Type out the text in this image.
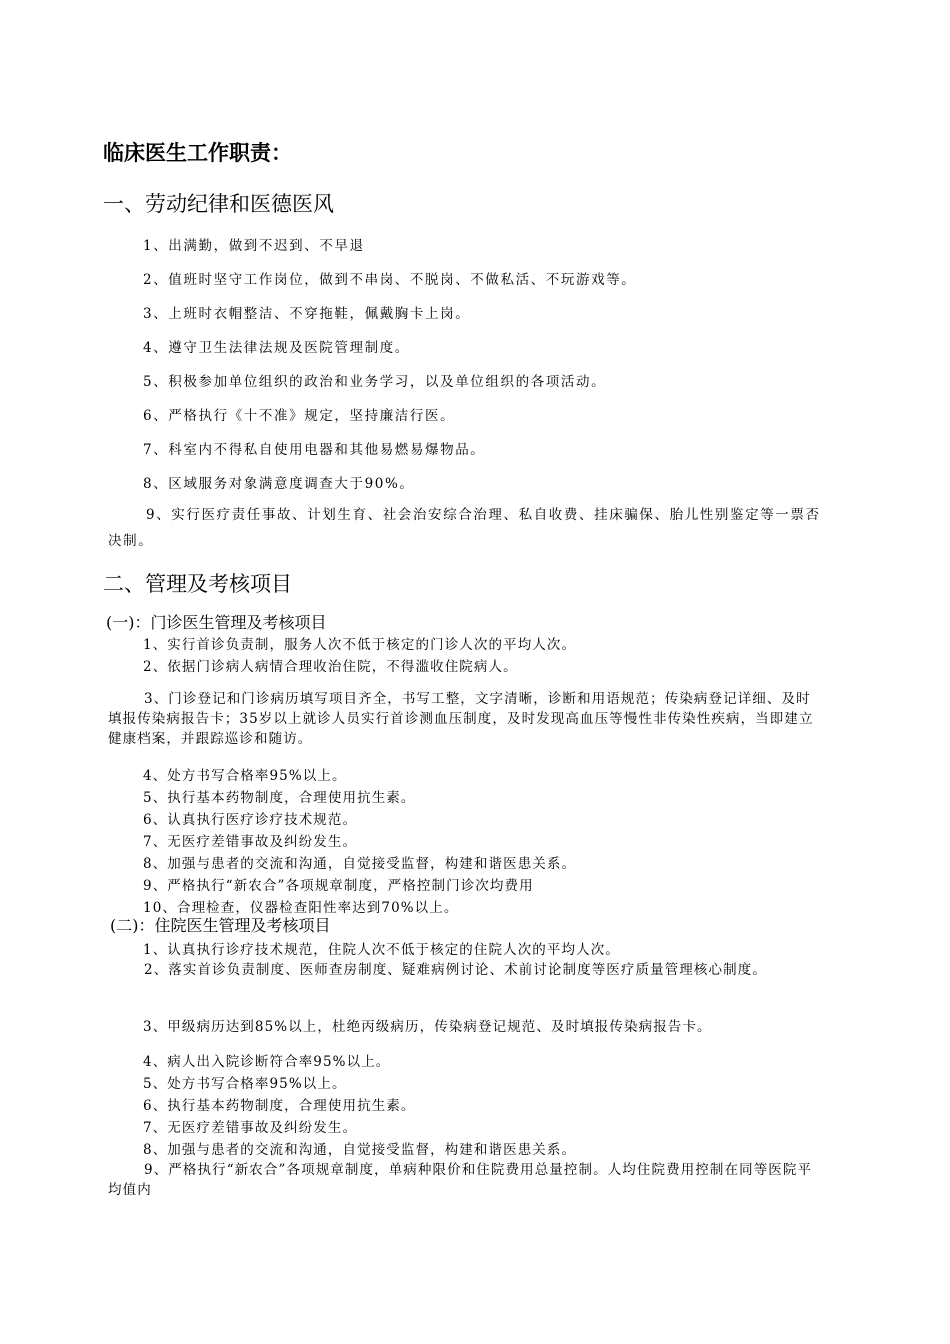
临床医生工作职责：
一、劳动纪律和医德医风
1、出满勤，做到不迟到、不早退
2、值班时坚守工作岗位，做到不串岗、不脱岗、不做私活、不玩游戏等。
3、上班时衣帽整洁、不穿拖鞋，佩戴胸卡上岗。
4、遵守卫生法律法规及医院管理制度。
5、积极参加单位组织的政治和业务学习，以及单位组织的各项活动。
6、严格执行《十不准》规定，坚持廉洁行医。
7、科室内不得私自使用电器和其他易燃易爆物品。
8、区域服务对象满意度调查大于90%。
9、实行医疗责任事故、计划生育、社会治安综合治理、私自收费、挂床骗保、胎儿性别鉴定等一票否决制。
二、管理及考核项目
(一)：门诊医生管理及考核项目
1、实行首诊负责制，服务人次不低于核定的门诊人次的平均人次。
2、依据门诊病人病情合理收治住院，不得滥收住院病人。
3、门诊登记和门诊病历填写项目齐全，书写工整，文字清晰，诊断和用语规范；传染病登记详细、及时填报传染病报告卡；35岁以上就诊人员实行首诊测血压制度，及时发现高血压等慢性非传染性疾病，当即建立健康档案，并跟踪巡诊和随访。
4、处方书写合格率95%以上。
5、执行基本药物制度，合理使用抗生素。
6、认真执行医疗诊疗技术规范。
7、无医疗差错事故及纠纷发生。
8、加强与患者的交流和沟通，自觉接受监督，构建和谐医患关系。
9、严格执行“新农合”各项规章制度，严格控制门诊次均费用
10、合理检查，仪器检查阳性率达到70%以上。
(二)：住院医生管理及考核项目
1、认真执行诊疗技术规范，住院人次不低于核定的住院人次的平均人次。
2、落实首诊负责制度、医师查房制度、疑难病例讨论、术前讨论制度等医疗质量管理核心制度。
3、甲级病历达到85%以上，杜绝丙级病历，传染病登记规范、及时填报传染病报告卡。
4、病人出入院诊断符合率95%以上。
5、处方书写合格率95%以上。
6、执行基本药物制度，合理使用抗生素。
7、无医疗差错事故及纠纷发生。
8、加强与患者的交流和沟通，自觉接受监督，构建和谐医患关系。
9、严格执行“新农合”各项规章制度，单病种限价和住院费用总量控制。人均住院费用控制在同等医院平均值内
